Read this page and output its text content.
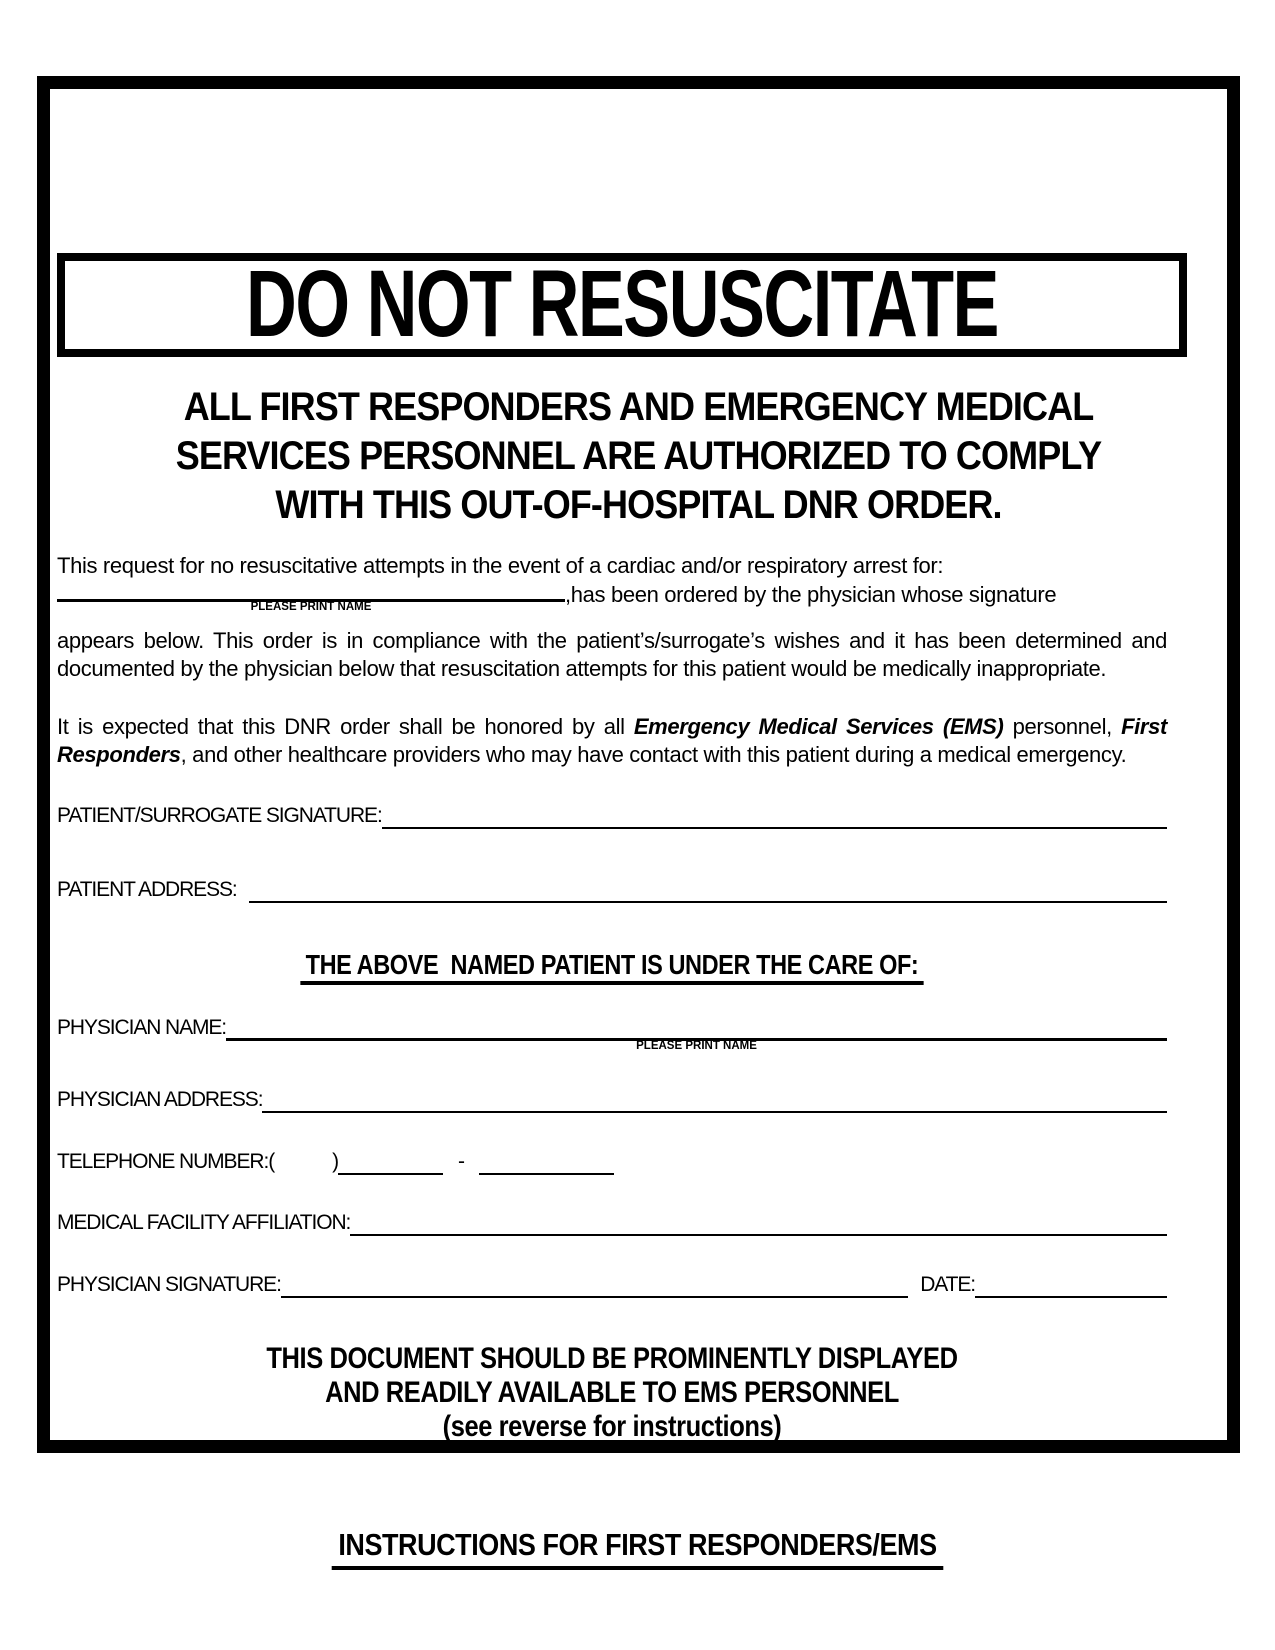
DO NOT RESUSCITATE
ALL FIRST RESPONDERS AND EMERGENCY MEDICAL
SERVICES PERSONNEL ARE AUTHORIZED TO COMPLY
WITH THIS OUT-OF-HOSPITAL DNR ORDER.
This request for no resuscitative attempts in the event of a cardiac and/or respiratory arrest for:
PLEASE PRINT NAME	,has been ordered by the physician whose signature
appears below. This order is in compliance with the patient’s/surrogate’s wishes and it has been determined and documented by the physician below that resuscitation attempts for this patient would be medically inappropriate.
It is expected that this DNR order shall be honored by all Emergency Medical Services (EMS) personnel, First Responders, and other healthcare providers who may have contact with this patient during a medical emergency.
PATIENT/SURROGATE SIGNATURE:
PATIENT ADDRESS:
THE ABOVE  NAMED PATIENT IS UNDER THE CARE OF:
PHYSICIAN NAME:
PLEASE PRINT NAME
PHYSICIAN ADDRESS:
TELEPHONE NUMBER: (	)	-
MEDICAL FACILITY AFFILIATION:
PHYSICIAN SIGNATURE:	DATE:
THIS DOCUMENT SHOULD BE PROMINENTLY DISPLAYED
AND READILY AVAILABLE TO EMS PERSONNEL
(see reverse for instructions)
INSTRUCTIONS FOR FIRST RESPONDERS/EMS
